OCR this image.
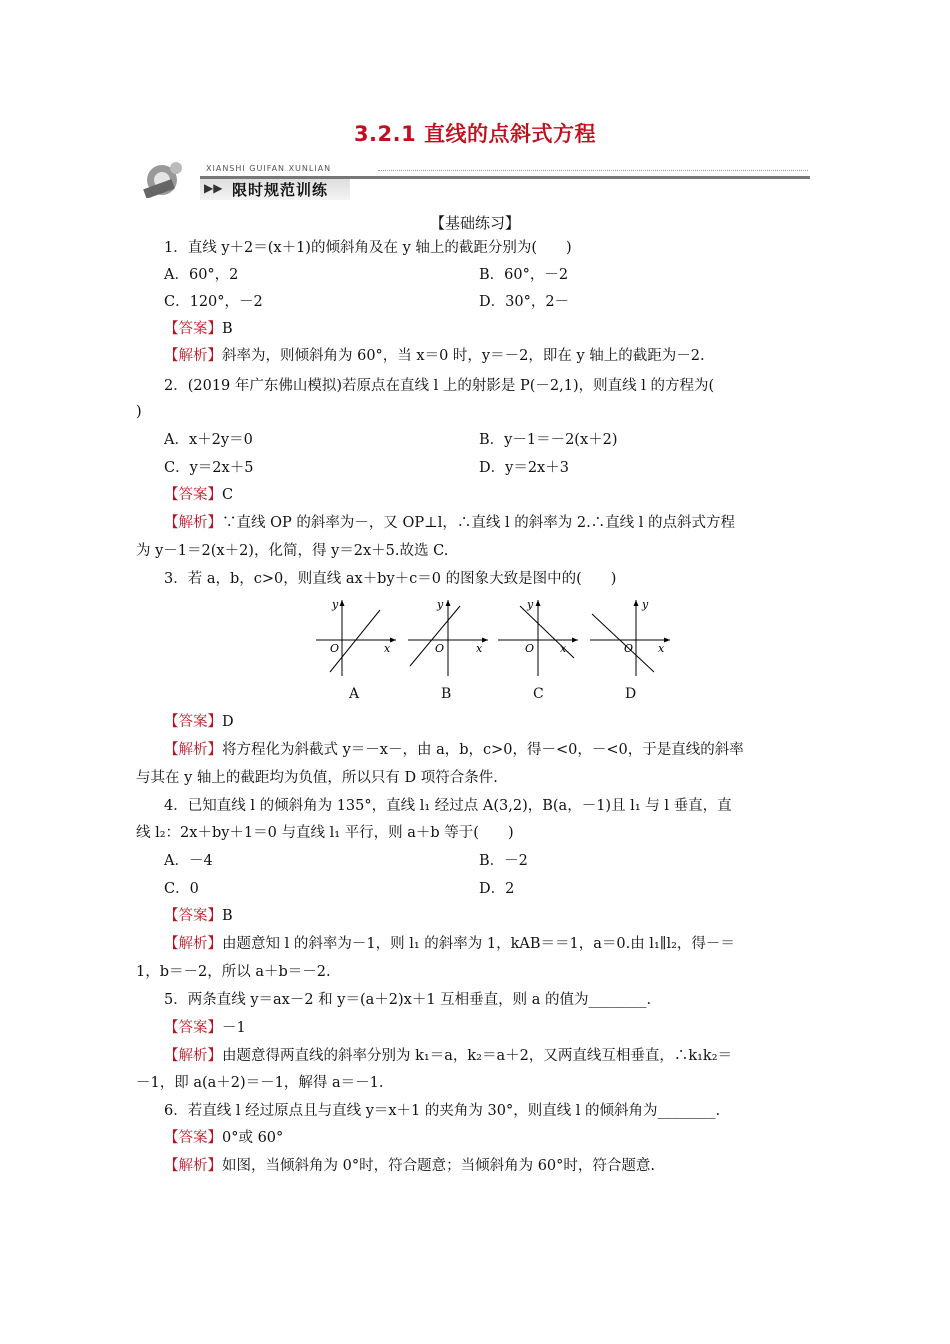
3.2.1 直线的点斜式方程
XIANSHI GUIFAN XUNLIAN
▶▶ 限时规范训练
【基础练习】
1．直线 y＋2＝(x＋1)的倾斜角及在 y 轴上的截距分别为(　　)
A．60°，2	B．60°，－2
C．120°，－2	D．30°，2－
【答案】B
【解析】斜率为，则倾斜角为 60°，当 x＝0 时，y＝－2，即在 y 轴上的截距为－2.
2．(2019 年广东佛山模拟)若原点在直线 l 上的射影是 P(－2,1)，则直线 l 的方程为(
)
A．x＋2y＝0	B．y－1＝－2(x＋2)
C．y＝2x＋5	D．y＝2x＋3
【答案】C
【解析】∵直线 OP 的斜率为－，又 OP⊥l，∴直线 l 的斜率为 2.∴直线 l 的点斜式方程
为 y－1＝2(x＋2)，化简，得 y＝2x＋5.故选 C.
3．若 a，b，c>0，则直线 ax＋by＋c＝0 的图象大致是图中的(　　)
y
x
O
y
x
O
y
x
O
y
x
O
A	B	C	D
【答案】D
【解析】将方程化为斜截式 y＝－x－，由 a，b，c>0，得－<0，－<0，于是直线的斜率
与其在 y 轴上的截距均为负值，所以只有 D 项符合条件.
4．已知直线 l 的倾斜角为 135°，直线 l₁ 经过点 A(3,2)，B(a，－1)且 l₁ 与 l 垂直，直
线 l₂：2x＋by＋1＝0 与直线 l₁ 平行，则 a＋b 等于(　　)
A．－4	B．－2
C．0	D．2
【答案】B
【解析】由题意知 l 的斜率为－1，则 l₁ 的斜率为 1，kAB＝＝1，a＝0.由 l₁∥l₂，得－＝
1，b＝－2，所以 a＋b＝－2.
5．两条直线 y＝ax－2 和 y＝(a＋2)x＋1 互相垂直，则 a 的值为________.
【答案】－1
【解析】由题意得两直线的斜率分别为 k₁＝a，k₂＝a＋2，又两直线互相垂直，∴k₁k₂＝
－1，即 a(a＋2)＝－1，解得 a＝－1.
6．若直线 l 经过原点且与直线 y＝x＋1 的夹角为 30°，则直线 l 的倾斜角为________.
【答案】0°或 60°
【解析】如图，当倾斜角为 0°时，符合题意；当倾斜角为 60°时，符合题意.
